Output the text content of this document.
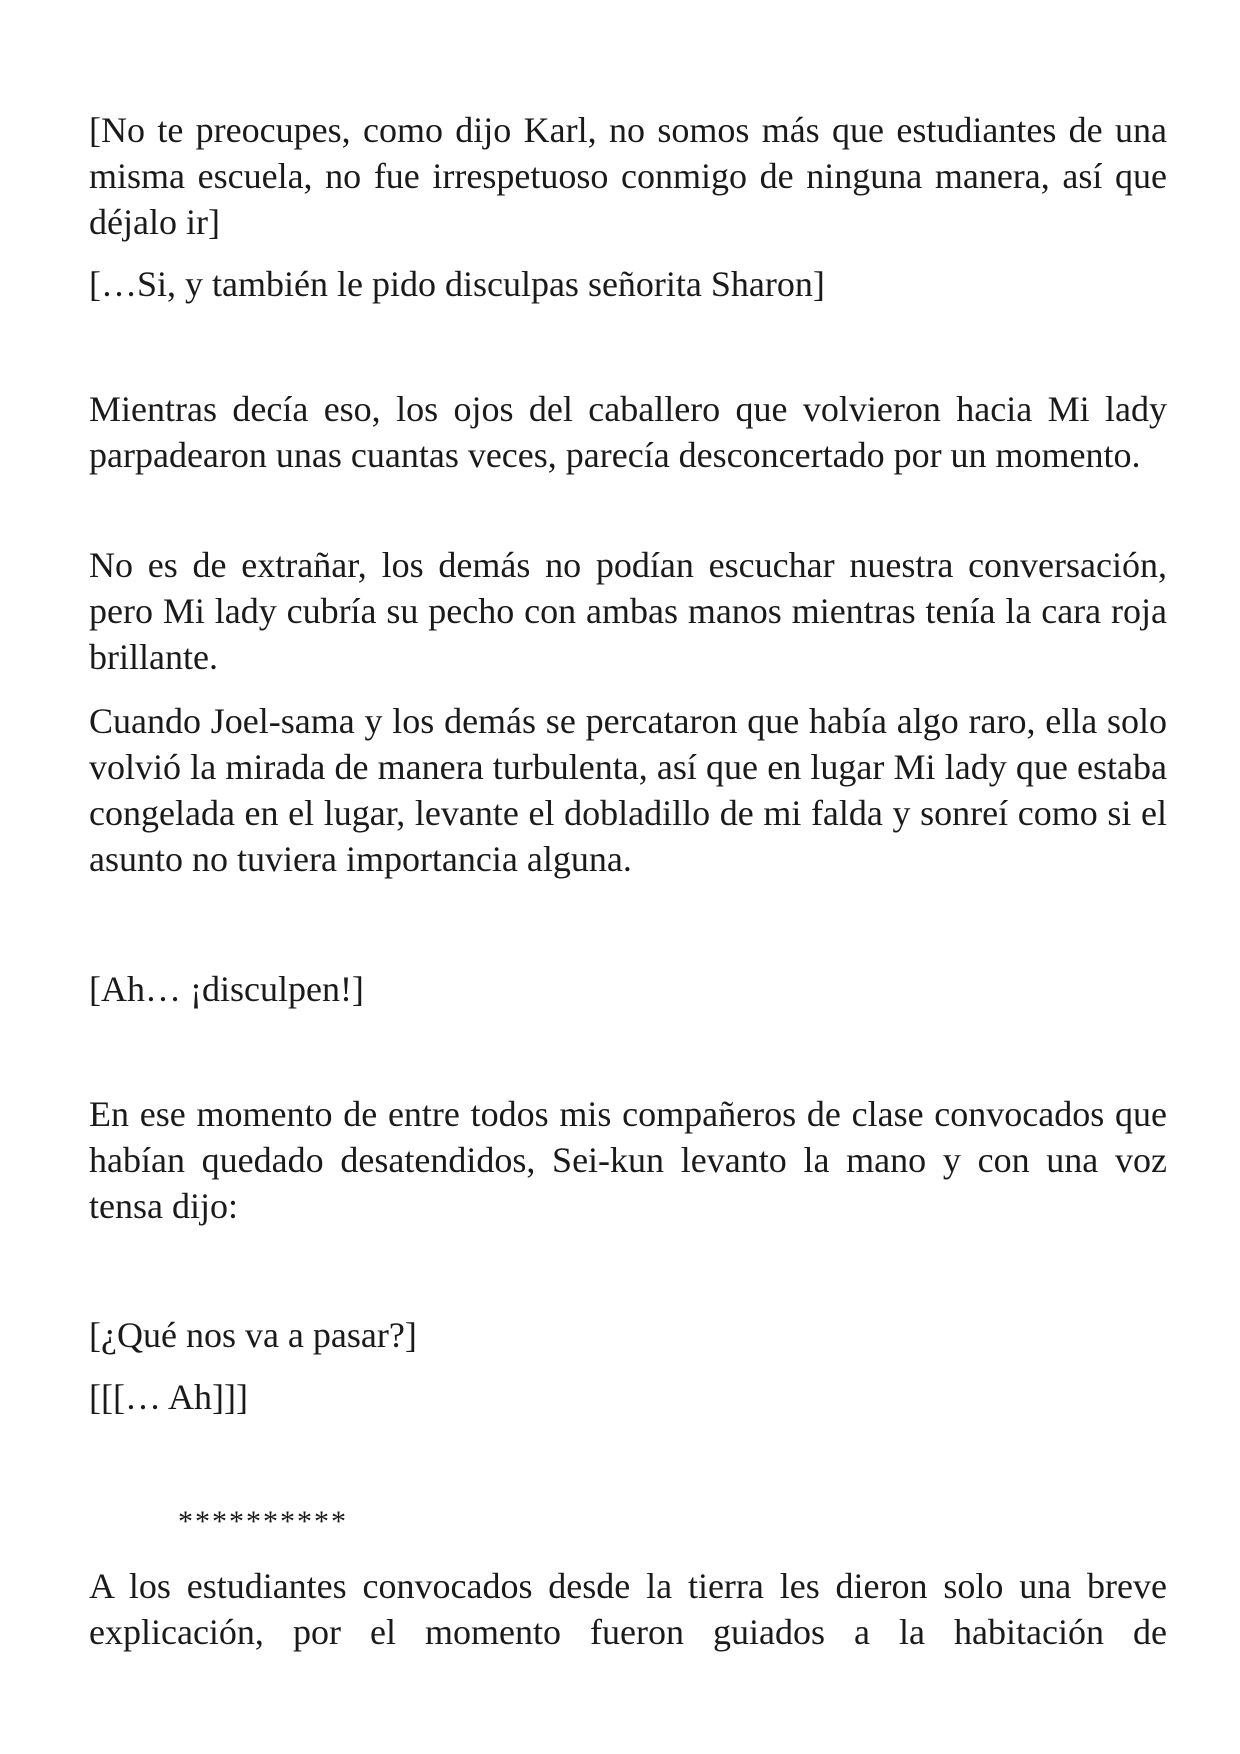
[No te preocupes, como dijo Karl, no somos más que estudiantes de una misma escuela, no fue irrespetuoso conmigo de ninguna manera, así que déjalo ir]

[…Si, y también le pido disculpas señorita Sharon]

Mientras decía eso, los ojos del caballero que volvieron hacia Mi lady parpadearon unas cuantas veces, parecía desconcertado por un momento.

No es de extrañar, los demás no podían escuchar nuestra conversación, pero Mi lady cubría su pecho con ambas manos mientras tenía la cara roja brillante.

Cuando Joel-sama y los demás se percataron que había algo raro, ella solo volvió la mirada de manera turbulenta, así que en lugar Mi lady que estaba congelada en el lugar, levante el dobladillo de mi falda y sonreí como si el asunto no tuviera importancia alguna.

[Ah… ¡disculpen!]

En ese momento de entre todos mis compañeros de clase convocados que habían quedado desatendidos, Sei-kun levanto la mano y con una voz tensa dijo:

[¿Qué nos va a pasar?]

[[[… Ah]]]

**********

A los estudiantes convocados desde la tierra les dieron solo una breve explicación, por el momento fueron guiados a la habitación de
